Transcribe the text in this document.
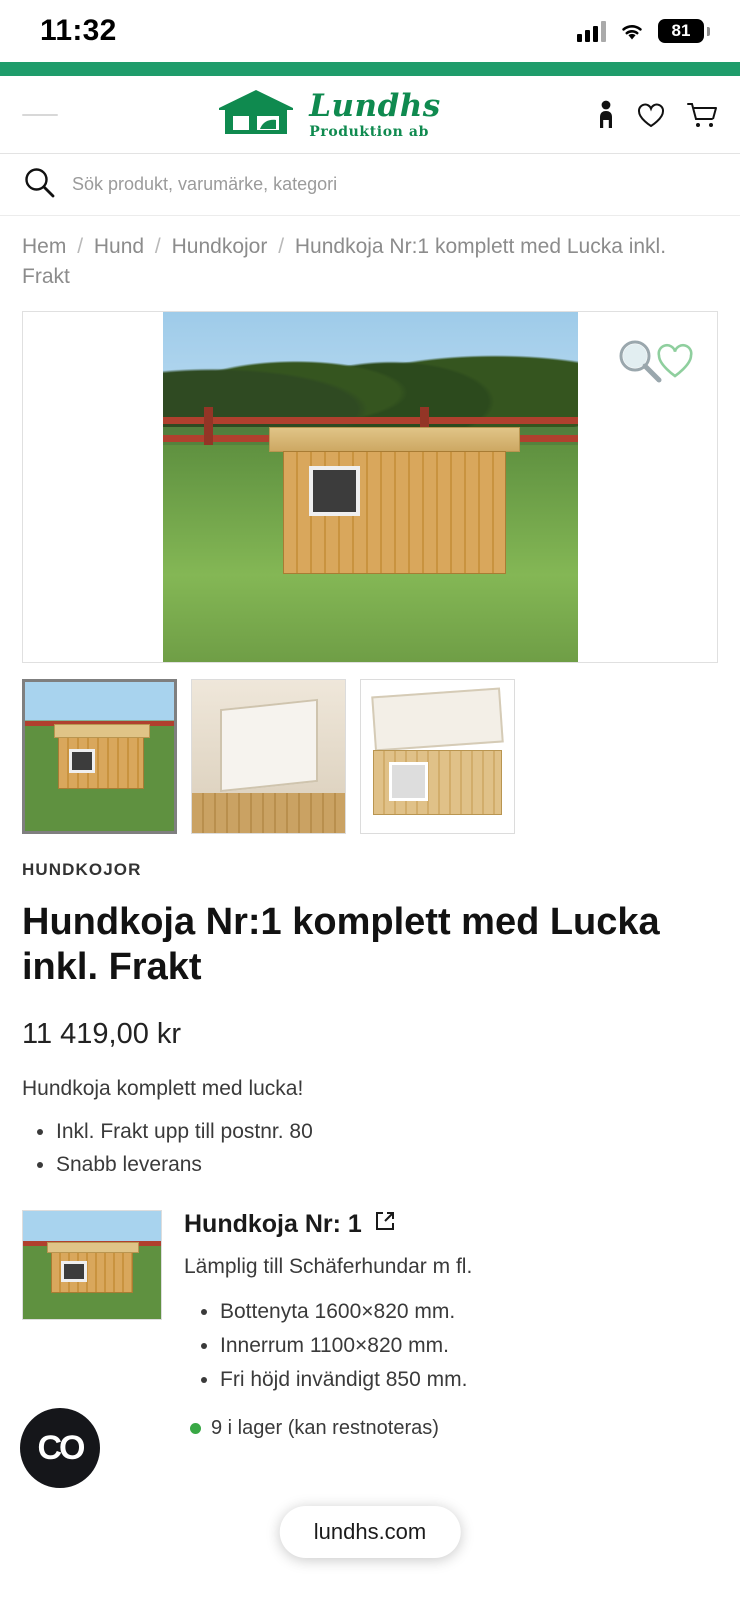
11:32	81
Lundhs
Produktion ab
Sök produkt, varumärke, kategori
Hem / Hund / Hundkojor / Hundkoja Nr:1 komplett med Lucka inkl. Frakt
HUNDKOJOR
Hundkoja Nr:1 komplett med Lucka inkl. Frakt
11 419,00 kr
Hundkoja komplett med lucka!
• Inkl. Frakt upp till postnr. 80
• Snabb leverans
Hundkoja Nr: 1
Lämplig till Schäferhundar m fl.
• Bottenyta 1600×820 mm.
• Innerrum 1100×820 mm.
• Fri höjd invändigt 850 mm.
9 i lager (kan restnoteras)
CO
lundhs.com
